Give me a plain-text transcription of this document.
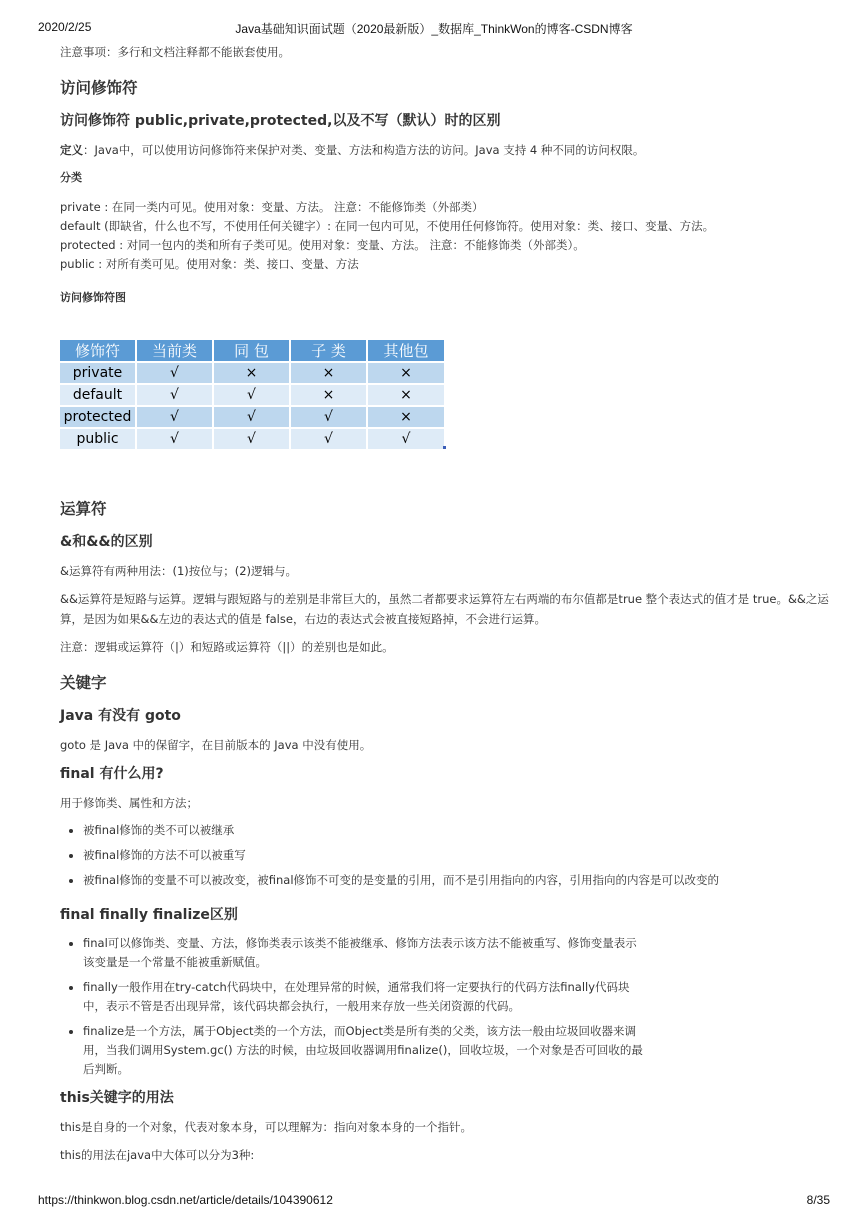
2020/2/25	Java基础知识面试题（2020最新版）_数据库_ThinkWon的博客-CSDN博客

注意事项：多行和文档注释都不能嵌套使用。

访问修饰符
访问修饰符 public,private,protected,以及不写（默认）时的区别

定义：Java中，可以使用访问修饰符来保护对类、变量、方法和构造方法的访问。Java 支持 4 种不同的访问权限。

分类
private : 在同一类内可见。使用对象：变量、方法。 注意：不能修饰类（外部类）
default (即缺省，什么也不写，不使用任何关键字）: 在同一包内可见，不使用任何修饰符。使用对象：类、接口、变量、方法。
protected : 对同一包内的类和所有子类可见。使用对象：变量、方法。 注意：不能修饰类（外部类）。
public : 对所有类可见。使用对象：类、接口、变量、方法
访问修饰符图
修饰符	当前类	同 包	子 类	其他包
private	√	×	×	×
default	√	√	×	×
protected	√	√	√	×
public	√	√	√	√
运算符
&和&&的区别

&运算符有两种用法：(1)按位与；(2)逻辑与。

&&运算符是短路与运算。逻辑与跟短路与的差别是非常巨大的，虽然二者都要求运算符左右两端的布尔值都是true 整个表达式的值才是 true。&&之运算，是因为如果&&左边的表达式的值是 false，右边的表达式会被直接短路掉，不会进行运算。

注意：逻辑或运算符（|）和短路或运算符（||）的差别也是如此。

关键字
Java 有没有 goto

goto 是 Java 中的保留字，在目前版本的 Java 中没有使用。

final 有什么用?

用于修饰类、属性和方法；

• 被final修饰的类不可以被继承
• 被final修饰的方法不可以被重写
• 被final修饰的变量不可以被改变，被final修饰不可变的是变量的引用，而不是引用指向的内容，引用指向的内容是可以改变的
final finally finalize区别
• final可以修饰类、变量、方法，修饰类表示该类不能被继承、修饰方法表示该方法不能被重写、修饰变量表示该变量是一个常量不能被重新赋值。
• finally一般作用在try-catch代码块中，在处理异常的时候，通常我们将一定要执行的代码方法finally代码块中，表示不管是否出现异常，该代码块都会执行，一般用来存放一些关闭资源的代码。
• finalize是一个方法，属于Object类的一个方法，而Object类是所有类的父类，该方法一般由垃圾回收器来调用，当我们调用System.gc() 方法的时候，由垃圾回收器调用finalize()，回收垃圾，一个对象是否可回收的最后判断。
this关键字的用法

this是自身的一个对象，代表对象本身，可以理解为：指向对象本身的一个指针。

this的用法在java中大体可以分为3种:

https://thinkwon.blog.csdn.net/article/details/104390612	8/35
